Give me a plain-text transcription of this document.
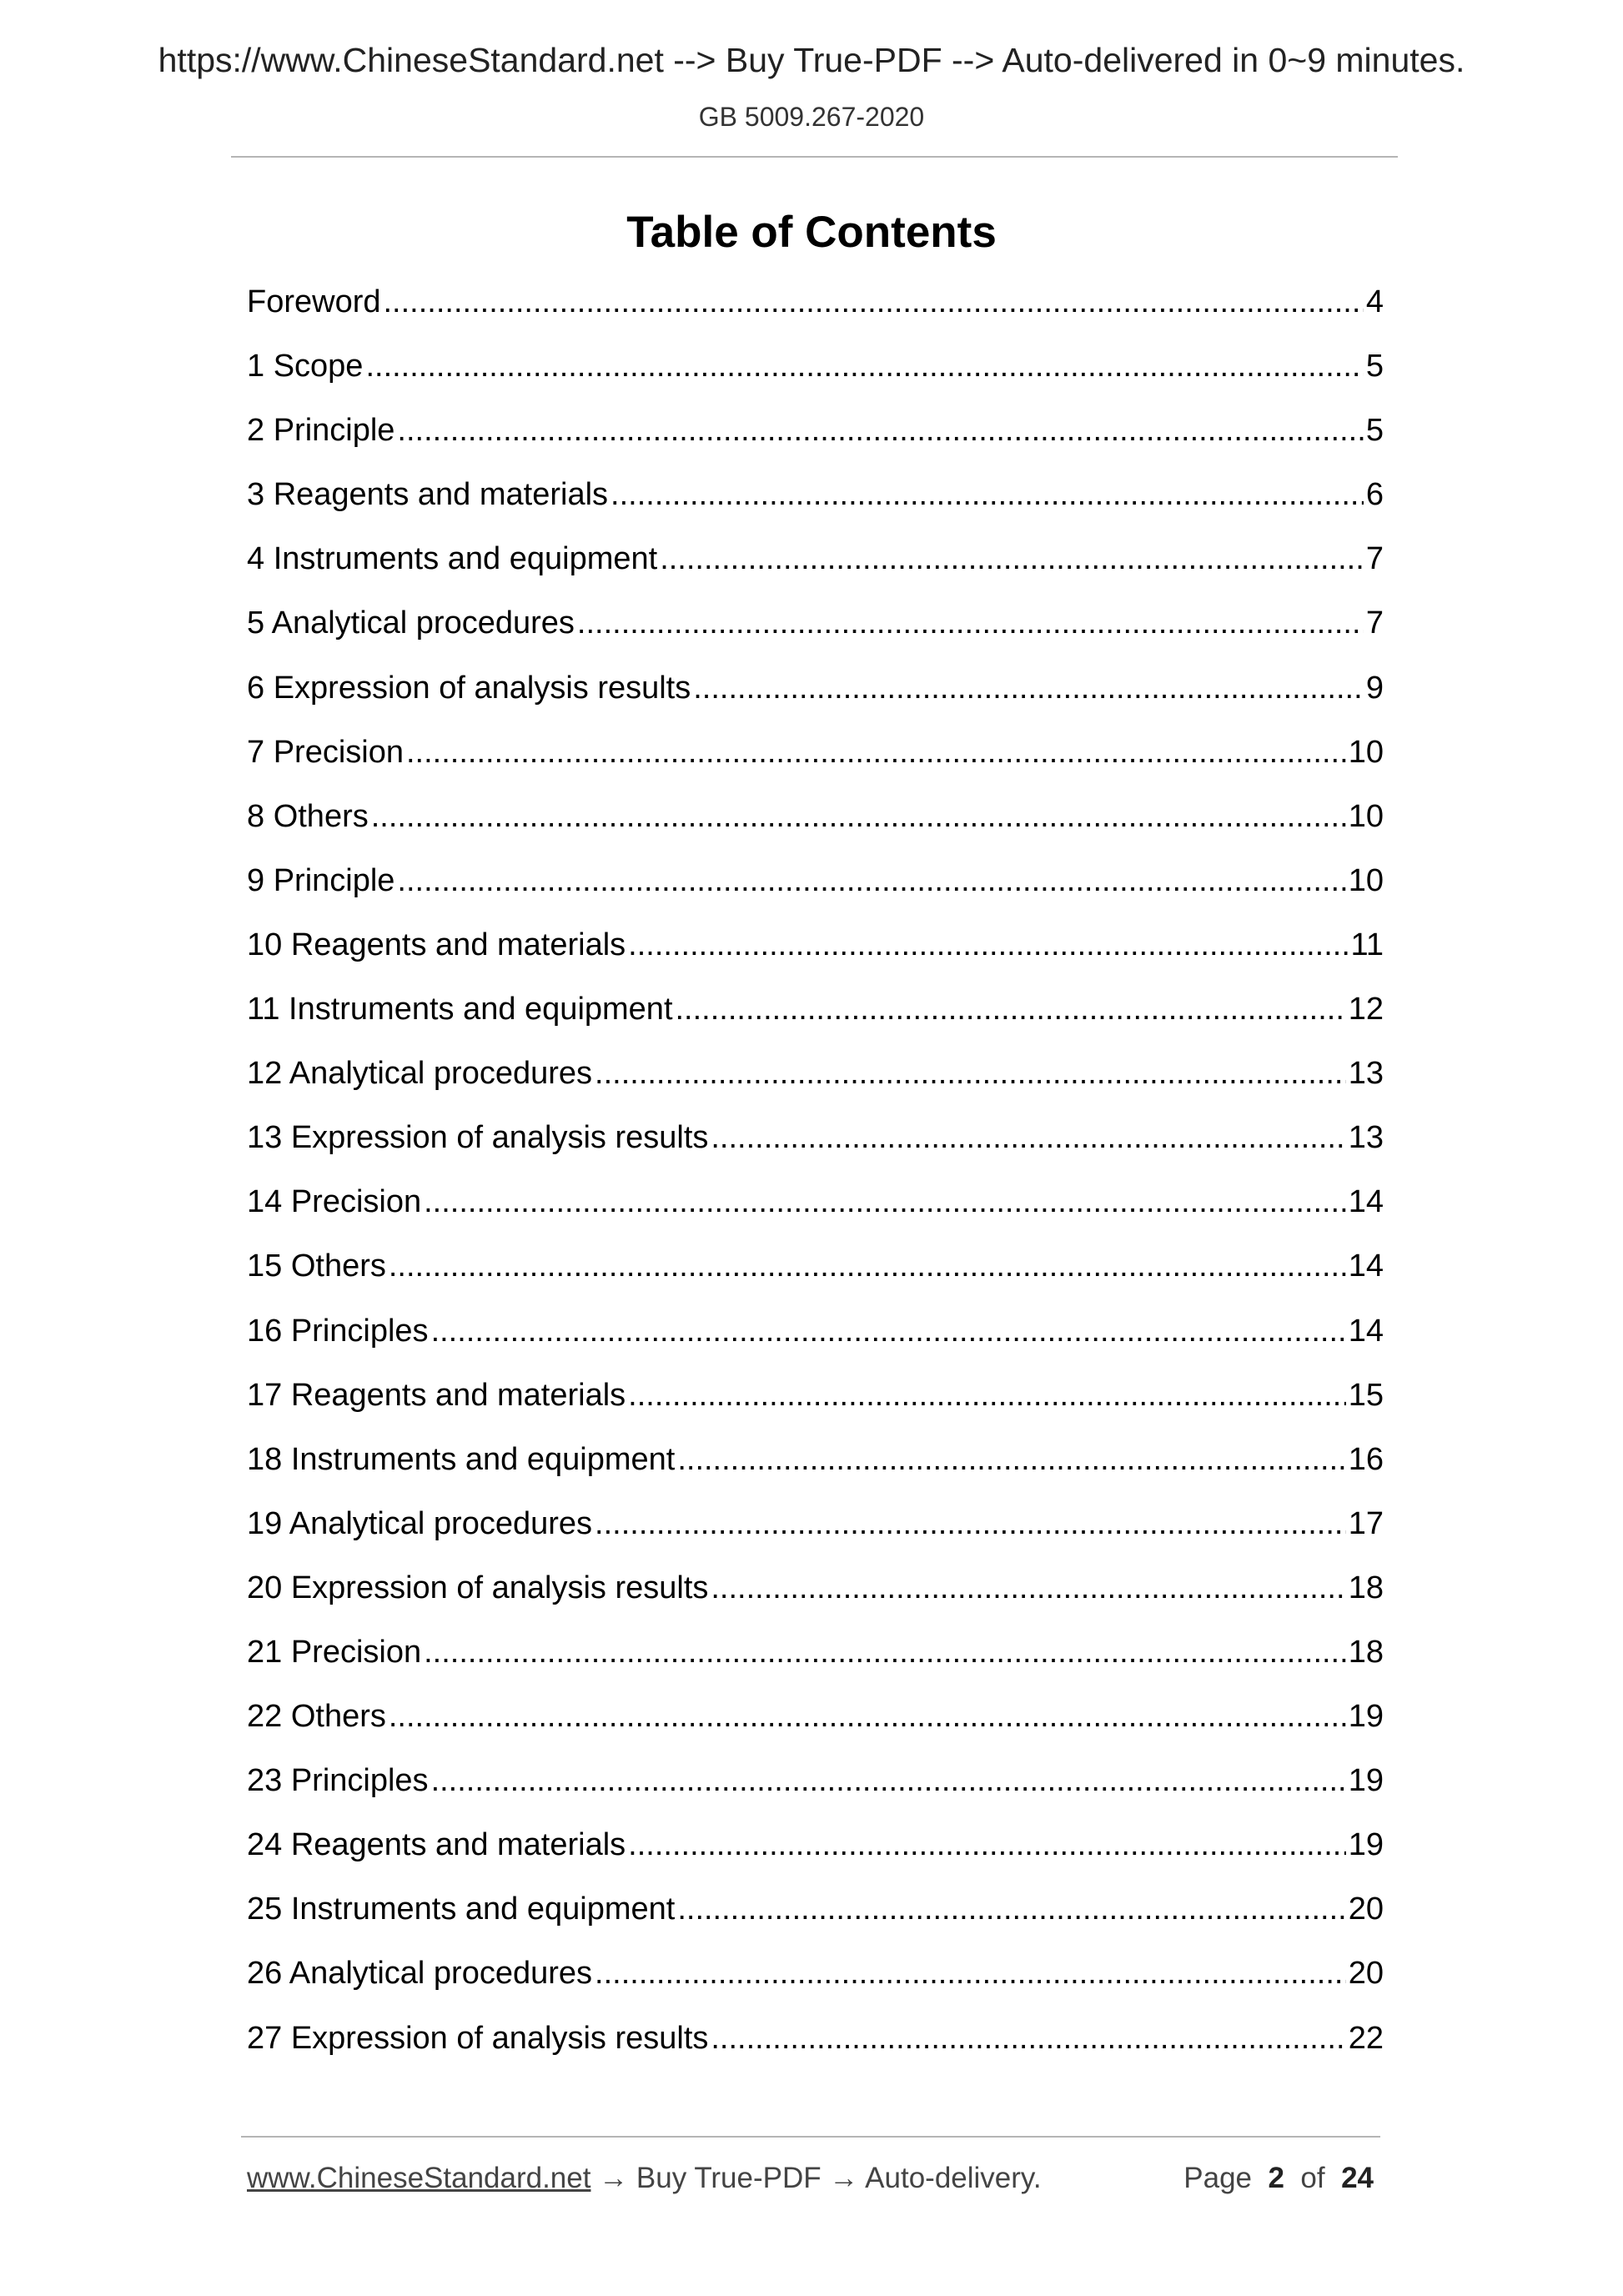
https://www.ChineseStandard.net --> Buy True-PDF --> Auto-delivered in 0~9 minutes.
GB 5009.267-2020
Table of Contents
Foreword .....	4
1 Scope .....	5
2 Principle .....	5
3 Reagents and materials .....	6
4 Instruments and equipment .....	7
5 Analytical procedures .....	7
6 Expression of analysis results .....	9
7 Precision .....	10
8 Others .....	10
9 Principle .....	10
10 Reagents and materials .....	11
11 Instruments and equipment .....	12
12 Analytical procedures .....	13
13 Expression of analysis results .....	13
14 Precision .....	14
15 Others .....	14
16 Principles .....	14
17 Reagents and materials .....	15
18 Instruments and equipment .....	16
19 Analytical procedures .....	17
20 Expression of analysis results .....	18
21 Precision .....	18
22 Others .....	19
23 Principles .....	19
24 Reagents and materials .....	19
25 Instruments and equipment .....	20
26 Analytical procedures .....	20
27 Expression of analysis results .....	22
www.ChineseStandard.net → Buy True-PDF → Auto-delivery.	Page 2 of 24
